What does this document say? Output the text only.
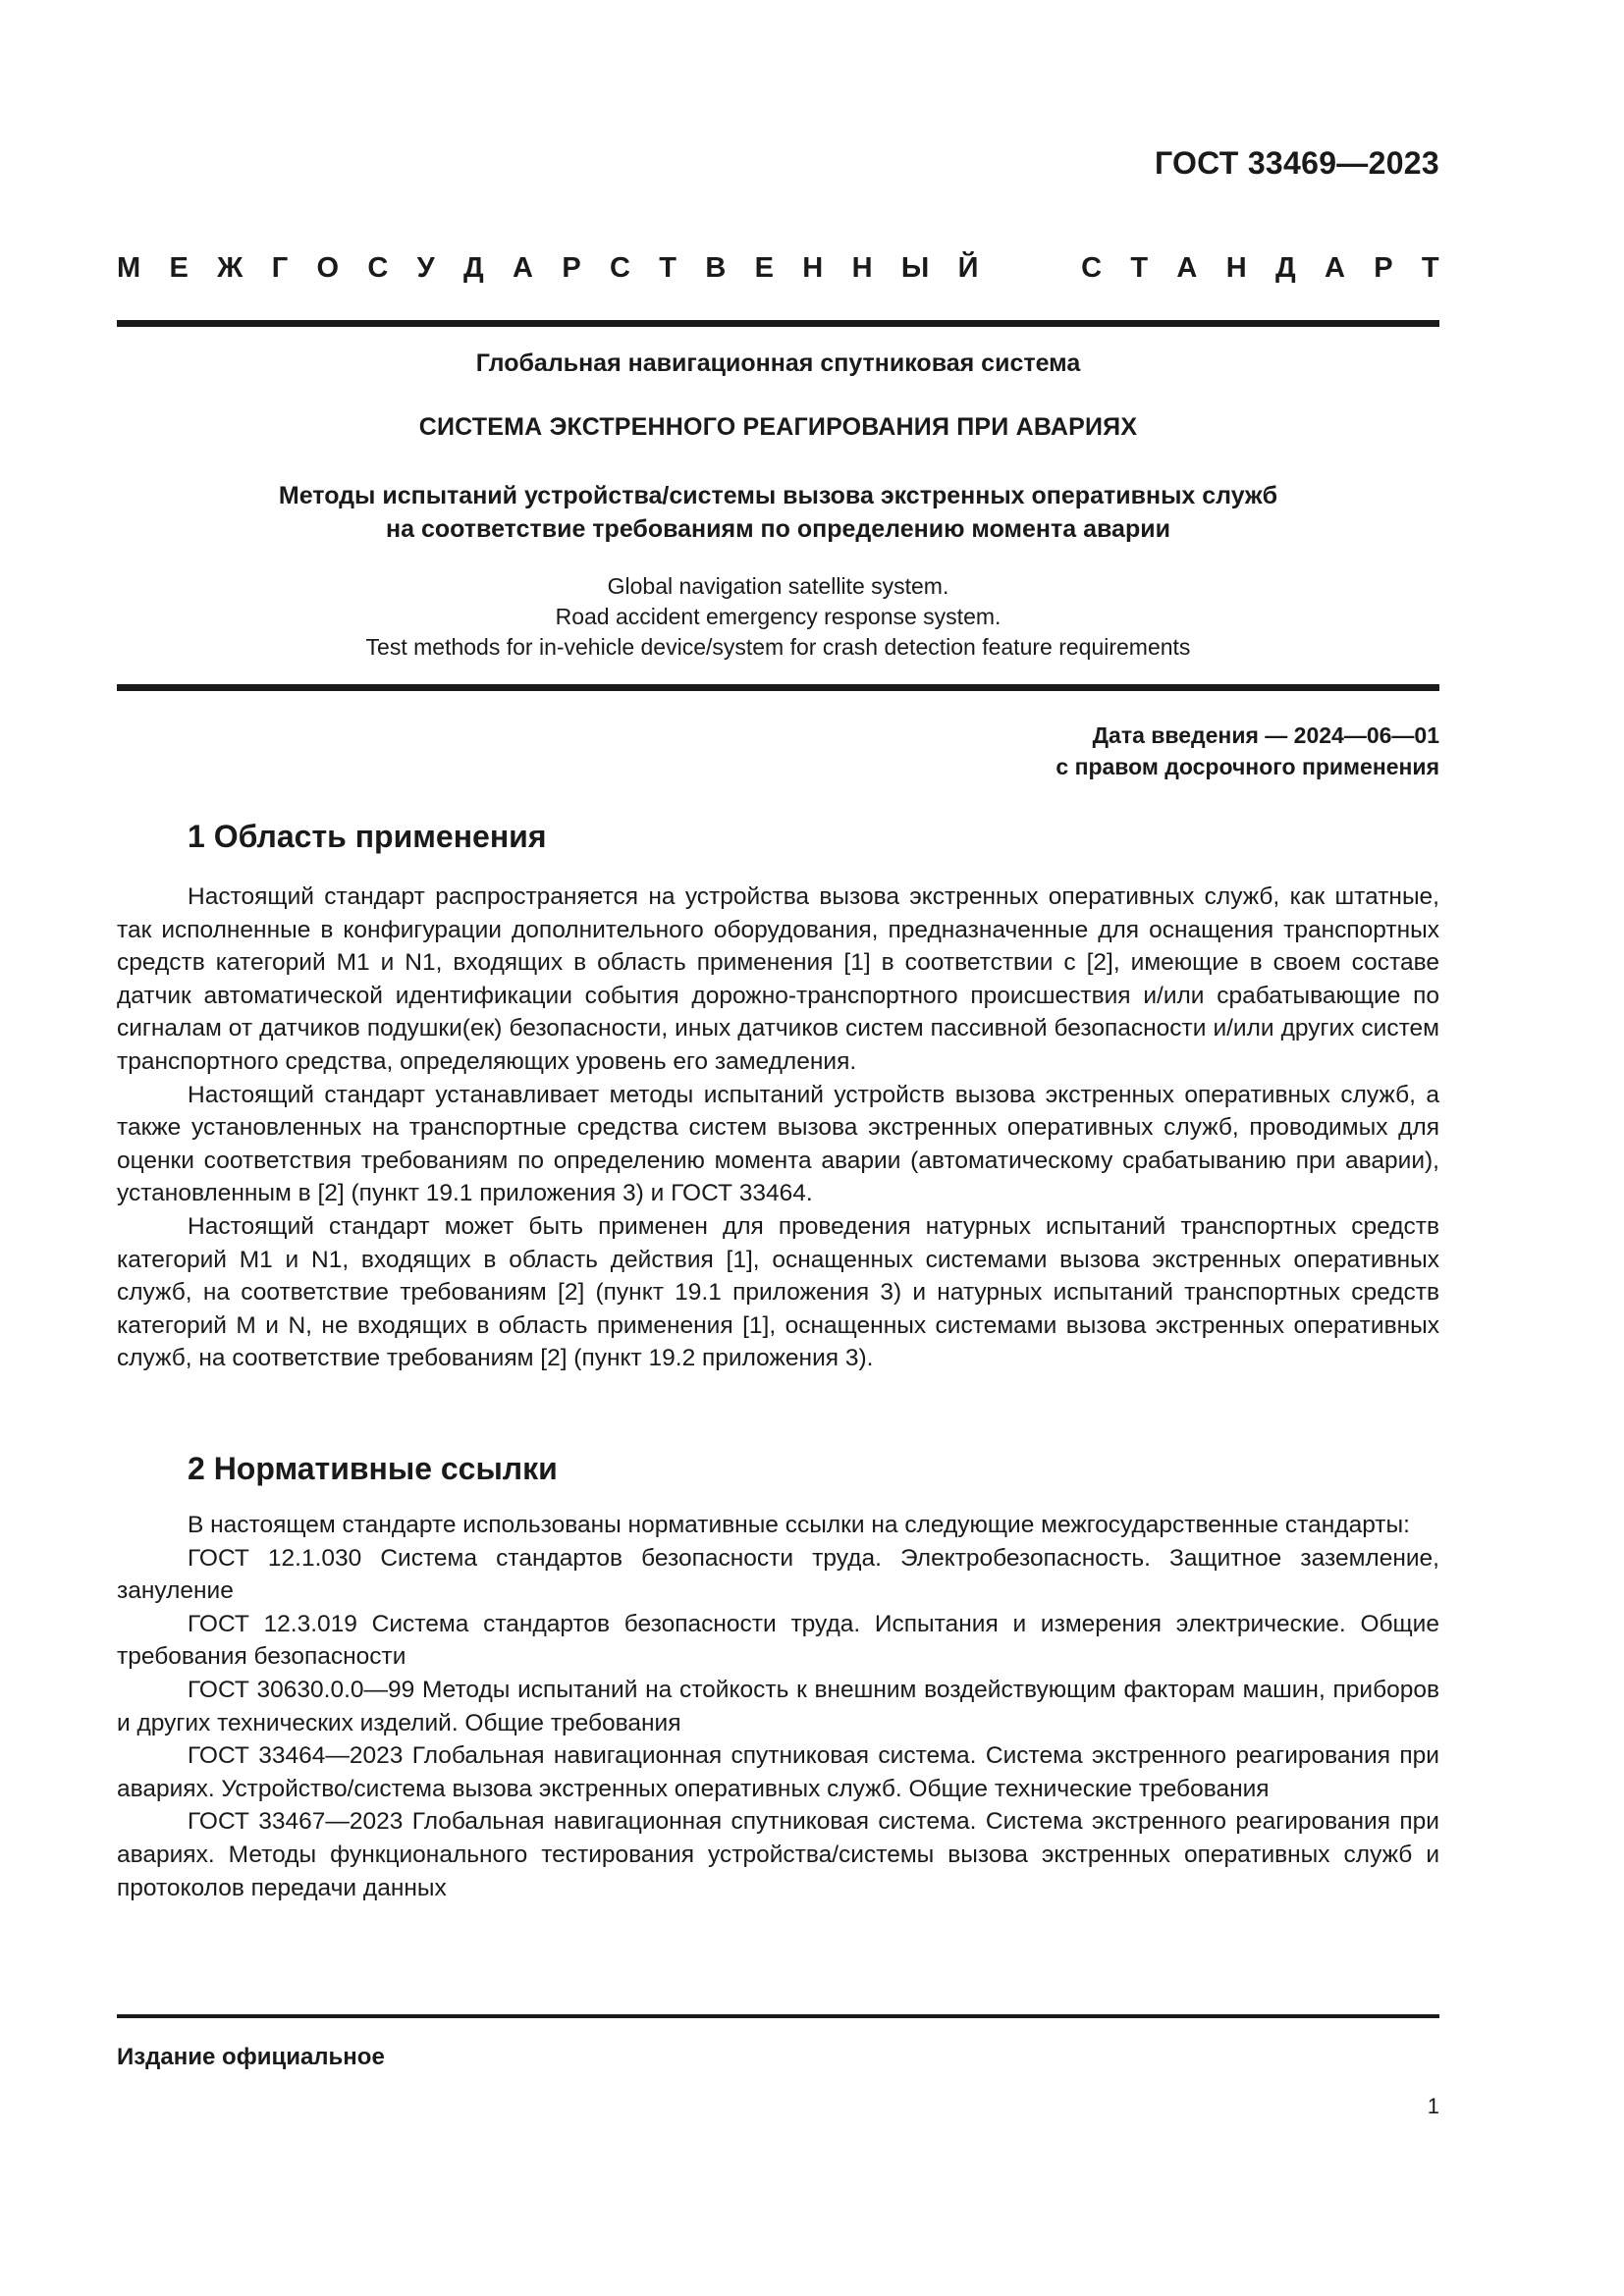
ГОСТ 33469—2023
М Е Ж Г О С У Д А Р С Т В Е Н Н Ы Й	С Т А Н Д А Р Т
Глобальная навигационная спутниковая система
СИСТЕМА ЭКСТРЕННОГО РЕАГИРОВАНИЯ ПРИ АВАРИЯХ
Методы испытаний устройства/системы вызова экстренных оперативных служб
на соответствие требованиям по определению момента аварии
Global navigation satellite system.
Road accident emergency response system.
Test methods for in-vehicle device/system for crash detection feature requirements
Дата введения — 2024—06—01
с правом досрочного применения
1 Область применения

Настоящий стандарт распространяется на устройства вызова экстренных оперативных служб, как штатные, так исполненные в конфигурации дополнительного оборудования, предназначенные для оснащения транспортных средств категорий М1 и N1, входящих в область применения [1] в соответствии с [2], имеющие в своем составе датчик автоматической идентификации события дорожно-транспортного происшествия и/или срабатывающие по сигналам от датчиков подушки(ек) безопасности, иных датчиков систем пассивной безопасности и/или других систем транспортного средства, определяющих уровень его замедления.

Настоящий стандарт устанавливает методы испытаний устройств вызова экстренных оперативных служб, а также установленных на транспортные средства систем вызова экстренных оперативных служб, проводимых для оценки соответствия требованиям по определению момента аварии (автоматическому срабатыванию при аварии), установленным в [2] (пункт 19.1 приложения 3) и ГОСТ 33464.

Настоящий стандарт может быть применен для проведения натурных испытаний транспортных средств категорий М1 и N1, входящих в область действия [1], оснащенных системами вызова экстренных оперативных служб, на соответствие требованиям [2] (пункт 19.1 приложения 3) и натурных испытаний транспортных средств категорий М и N, не входящих в область применения [1], оснащенных системами вызова экстренных оперативных служб, на соответствие требованиям [2] (пункт 19.2 приложения 3).

2 Нормативные ссылки

В настоящем стандарте использованы нормативные ссылки на следующие межгосударственные стандарты:

ГОСТ 12.1.030 Система стандартов безопасности труда. Электробезопасность. Защитное заземление, зануление

ГОСТ 12.3.019 Система стандартов безопасности труда. Испытания и измерения электрические. Общие требования безопасности

ГОСТ 30630.0.0—99 Методы испытаний на стойкость к внешним воздействующим факторам машин, приборов и других технических изделий. Общие требования

ГОСТ 33464—2023 Глобальная навигационная спутниковая система. Система экстренного реагирования при авариях. Устройство/система вызова экстренных оперативных служб. Общие технические требования

ГОСТ 33467—2023 Глобальная навигационная спутниковая система. Система экстренного реагирования при авариях. Методы функционального тестирования устройства/системы вызова экстренных оперативных служб и протоколов передачи данных

Издание официальное
1
